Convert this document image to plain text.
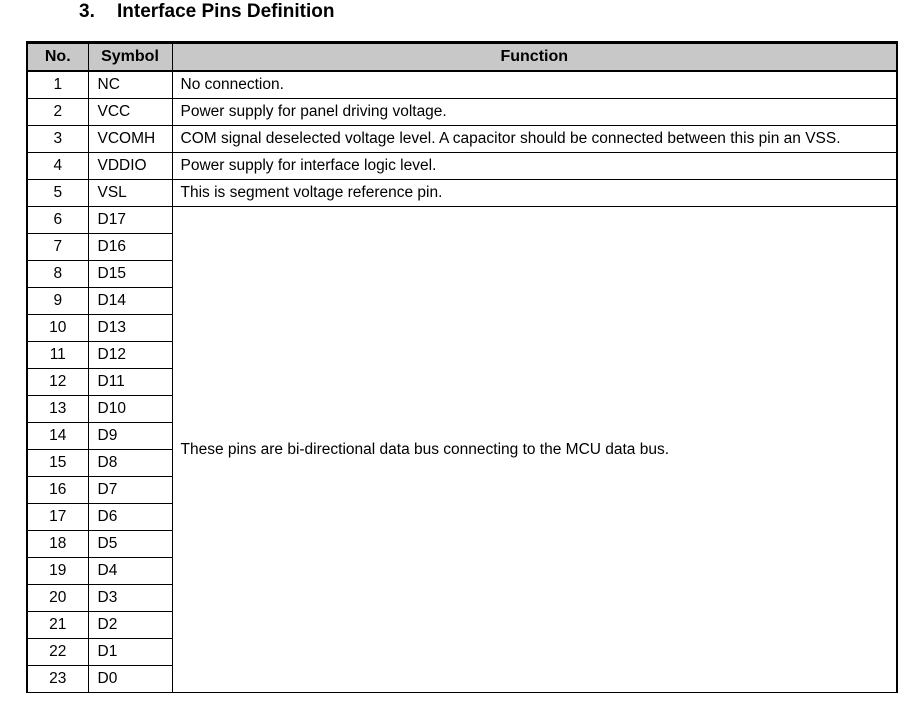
3. Interface Pins Definition
No.	Symbol	Function
1	NC	No connection.
2	VCC	Power supply for panel driving voltage.
3	VCOMH	COM signal deselected voltage level. A capacitor should be connected between this pin an VSS.
4	VDDIO	Power supply for interface logic level.
5	VSL	This is segment voltage reference pin.
6	D17	These pins are bi-directional data bus connecting to the MCU data bus.
7	D16	
8	D15	
9	D14	
10	D13	
11	D12	
12	D11	
13	D10	
14	D9	
15	D8	
16	D7	
17	D6	
18	D5	
19	D4	
20	D3	
21	D2	
22	D1	
23	D0	
